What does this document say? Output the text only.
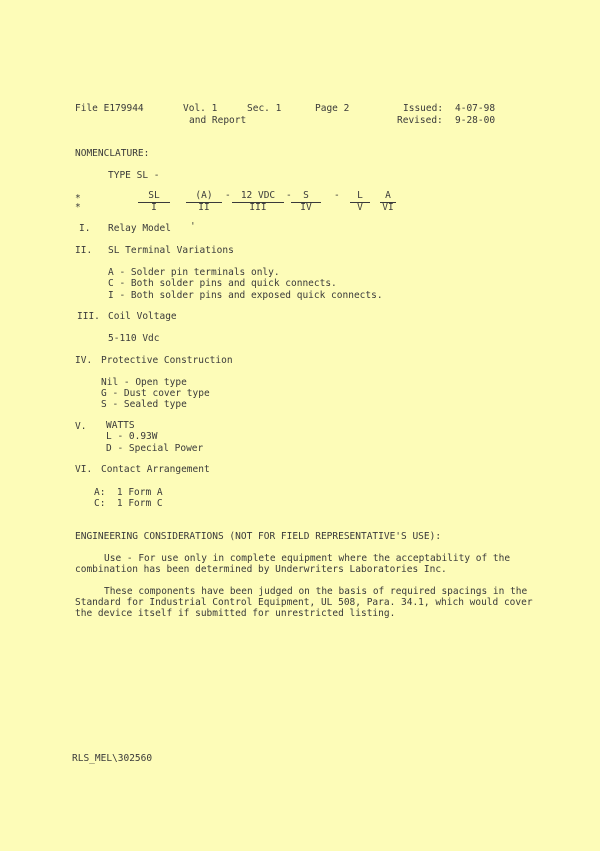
File E179944	Vol. 1	Sec. 1	Page 2	Issued: 4-07-98
and Report	Revised: 9-28-00
NOMENCLATURE:
TYPE SL -
*	SL	(A)	-	12 VDC	-	S	-	L	A
*	I	II	III	IV	V	VI
I. Relay Model '
II. SL Terminal Variations
A - Solder pin terminals only.
C - Both solder pins and quick connects.
I - Both solder pins and exposed quick connects.
III. Coil Voltage
5-110 Vdc
IV. Protective Construction
Nil - Open type
G - Dust cover type
S - Sealed type
V. WATTS
L - 0.93W
D - Special Power
VI. Contact Arrangement
A:  1 Form A
C:  1 Form C
ENGINEERING CONSIDERATIONS (NOT FOR FIELD REPRESENTATIVE'S USE):
Use - For use only in complete equipment where the acceptability of the
combination has been determined by Underwriters Laboratories Inc.
These components have been judged on the basis of required spacings in the
Standard for Industrial Control Equipment, UL 508, Para. 34.1, which would cover
the device itself if submitted for unrestricted listing.
RLS_MEL\302560
